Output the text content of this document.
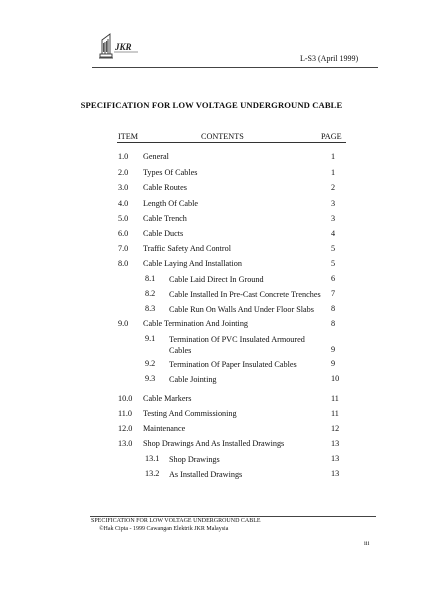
JKR
L-S3 (April 1999)
SPECIFICATION FOR LOW VOLTAGE UNDERGROUND CABLE
ITEM	CONTENTS	PAGE
1.0 General	1
2.0 Types Of Cables	1
3.0 Cable Routes	2
4.0 Length Of Cable	3
5.0 Cable Trench	3
6.0 Cable Ducts	4
7.0 Traffic Safety And Control	5
8.0 Cable Laying And Installation	5
8.1 Cable Laid Direct In Ground	6
8.2 Cable Installed In Pre-Cast Concrete Trenches 7
8.3 Cable Run On Walls And Under Floor Slabs 8
9.0 Cable Termination And Jointing	8
9.1 Termination Of PVC Insulated Armoured
Cables	9
9.2 Termination Of Paper Insulated Cables	9
9.3 Cable Jointing	10
10.0 Cable Markers	11
11.0 Testing And Commissioning	11
12.0 Maintenance	12
13.0 Shop Drawings And As Installed Drawings	13
13.1 Shop Drawings	13
13.2 As Installed Drawings	13
SPECIFICATION FOR LOW VOLTAGE UNDERGROUND CABLE
©Hak Cipta - 1999 Cawangan Elektrik JKR Malaysia
iii
